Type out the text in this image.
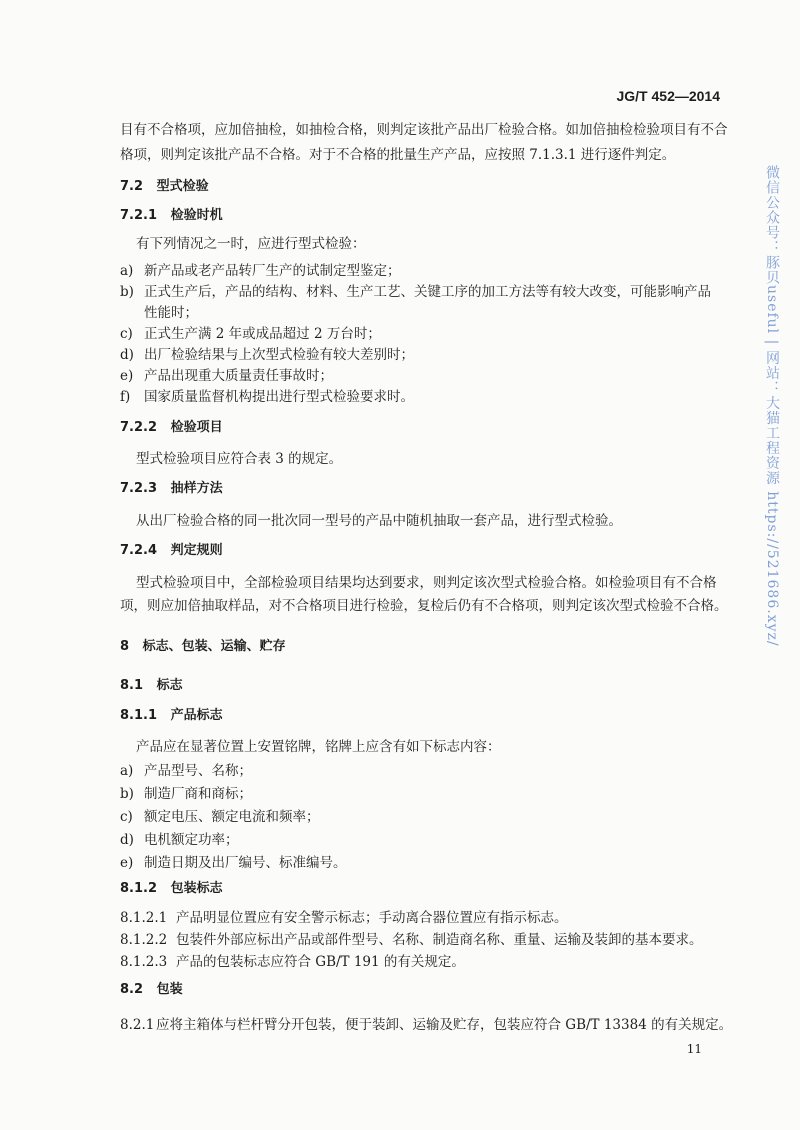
JG/T 452—2014
微信公众号：豚贝useful | 网站：大猫工程资源 https://521686.xyz/
目有不合格项，应加倍抽检，如抽检合格，则判定该批产品出厂检验合格。如加倍抽检检验项目有不合
格项，则判定该批产品不合格。对于不合格的批量生产产品，应按照 7.1.3.1 进行逐件判定。
7.2 型式检验
7.2.1 检验时机
有下列情况之一时，应进行型式检验：
a) 新产品或老产品转厂生产的试制定型鉴定；
b) 正式生产后，产品的结构、材料、生产工艺、关键工序的加工方法等有较大改变，可能影响产品
性能时；
c) 正式生产满 2 年或成品超过 2 万台时；
d) 出厂检验结果与上次型式检验有较大差别时；
e) 产品出现重大质量责任事故时；
f) 国家质量监督机构提出进行型式检验要求时。
7.2.2 检验项目
型式检验项目应符合表 3 的规定。
7.2.3 抽样方法
从出厂检验合格的同一批次同一型号的产品中随机抽取一套产品，进行型式检验。
7.2.4 判定规则
型式检验项目中，全部检验项目结果均达到要求，则判定该次型式检验合格。如检验项目有不合格
项，则应加倍抽取样品，对不合格项目进行检验，复检后仍有不合格项，则判定该次型式检验不合格。
8 标志、包装、运输、贮存
8.1 标志
8.1.1 产品标志
产品应在显著位置上安置铭牌，铭牌上应含有如下标志内容：
a) 产品型号、名称；
b) 制造厂商和商标；
c) 额定电压、额定电流和频率；
d) 电机额定功率；
e) 制造日期及出厂编号、标准编号。
8.1.2 包装标志
8.1.2.1 产品明显位置应有安全警示标志；手动离合器位置应有指示标志。
8.1.2.2 包装件外部应标出产品或部件型号、名称、制造商名称、重量、运输及装卸的基本要求。
8.1.2.3 产品的包装标志应符合 GB/T 191 的有关规定。
8.2 包装
8.2.1 应将主箱体与栏杆臂分开包装，便于装卸、运输及贮存，包装应符合 GB/T 13384 的有关规定。
11
